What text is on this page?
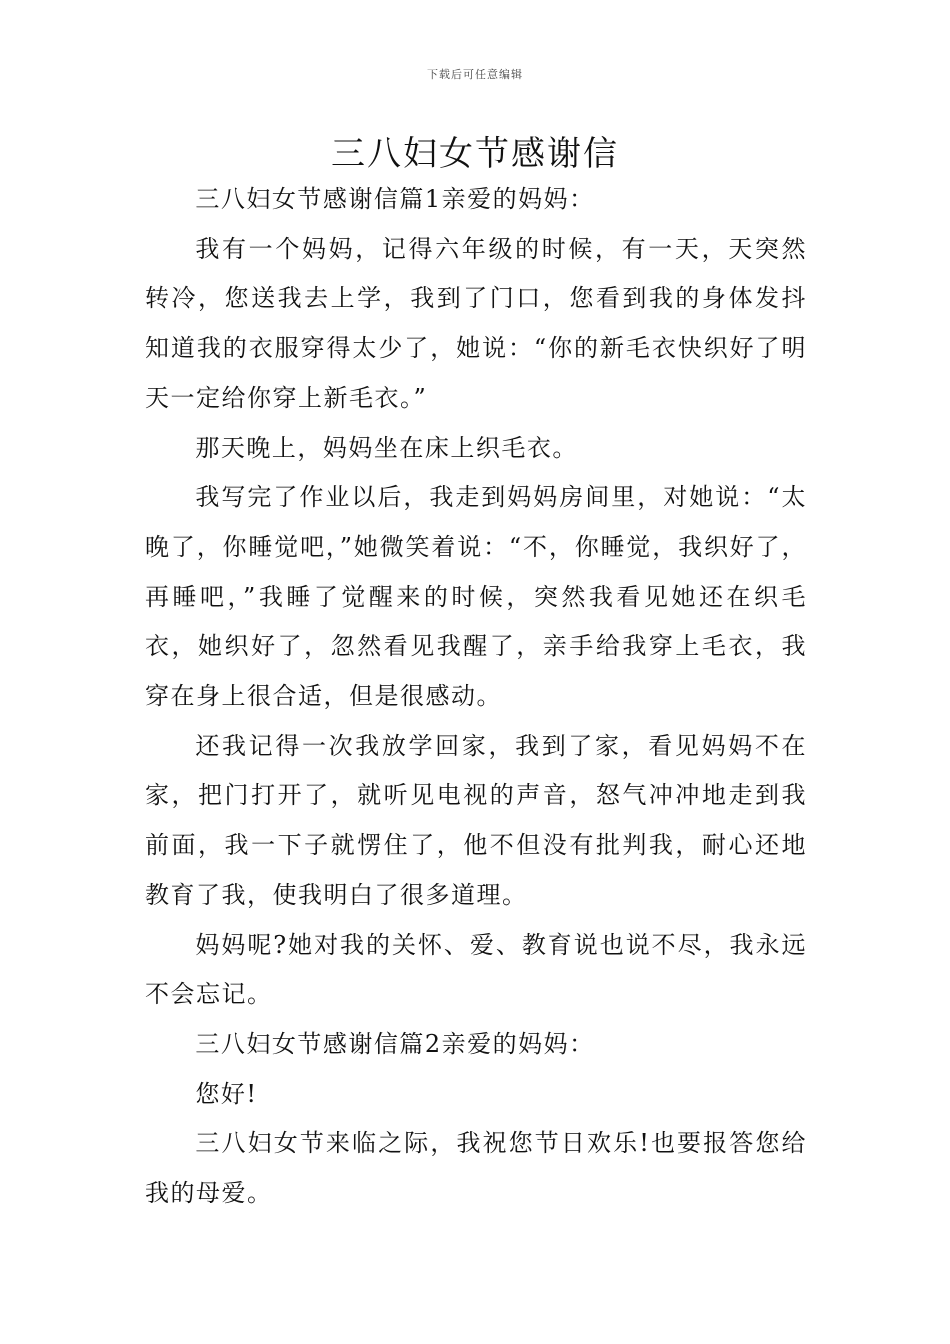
下载后可任意编辑
三八妇女节感谢信

三八妇女节感谢信篇1亲爱的妈妈：

我有一个妈妈，记得六年级的时候，有一天，天突然转冷，您送我去上学，我到了门口，您看到我的身体发抖知道我的衣服穿得太少了，她说：“你的新毛衣快织好了明天一定给你穿上新毛衣。”

那天晚上，妈妈坐在床上织毛衣。

我写完了作业以后，我走到妈妈房间里，对她说：“太晚了，你睡觉吧，”她微笑着说：“不，你睡觉，我织好了，再睡吧，”我睡了觉醒来的时候，突然我看见她还在织毛衣，她织好了，忽然看见我醒了，亲手给我穿上毛衣，我穿在身上很合适，但是很感动。

还我记得一次我放学回家，我到了家，看见妈妈不在家，把门打开了，就听见电视的声音，怒气冲冲地走到我前面，我一下子就愣住了，他不但没有批判我，耐心还地教育了我，使我明白了很多道理。

妈妈呢?她对我的关怀、爱、教育说也说不尽，我永远不会忘记。

三八妇女节感谢信篇2亲爱的妈妈：

您好!

三八妇女节来临之际，我祝您节日欢乐!也要报答您给我的母爱。
